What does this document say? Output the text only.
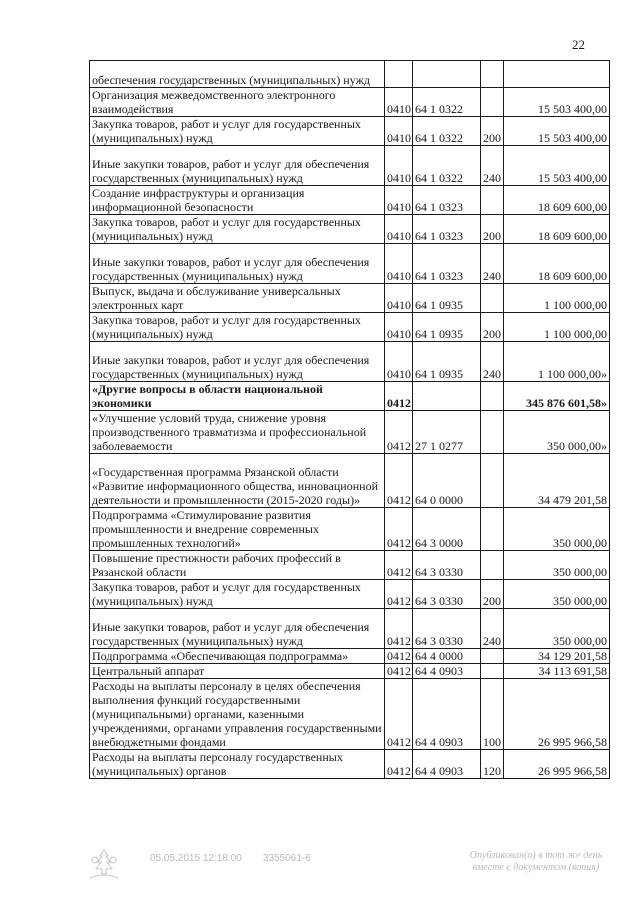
22
обеспечения государственных (муниципальных) нужд				
Организация межведомственного электронного взаимодействия	0410	64 1 0322		15 503 400,00
Закупка товаров, работ и услуг для государственных (муниципальных) нужд	0410	64 1 0322	200	15 503 400,00
Иные закупки товаров, работ и услуг для обеспечения государственных (муниципальных) нужд	0410	64 1 0322	240	15 503 400,00
Создание инфраструктуры и организация информационной безопасности	0410	64 1 0323		18 609 600,00
Закупка товаров, работ и услуг для государственных (муниципальных) нужд	0410	64 1 0323	200	18 609 600,00
Иные закупки товаров, работ и услуг для обеспечения государственных (муниципальных) нужд	0410	64 1 0323	240	18 609 600,00
Выпуск, выдача и обслуживание универсальных электронных карт	0410	64 1 0935		1 100 000,00
Закупка товаров, работ и услуг для государственных (муниципальных) нужд	0410	64 1 0935	200	1 100 000,00
Иные закупки товаров, работ и услуг для обеспечения государственных (муниципальных) нужд	0410	64 1 0935	240	1 100 000,00»
«Другие вопросы в области национальной экономики	0412			345 876 601,58»
«Улучшение условий труда, снижение уровня производственного травматизма и профессиональной заболеваемости	0412	27 1 0277		350 000,00»
«Государственная программа Рязанской области «Развитие информационного общества, инновационной деятельности и промышленности (2015-2020 годы)»	0412	64 0 0000		34 479 201,58
Подпрограмма «Стимулирование развития промышленности и внедрение современных промышленных технологий»	0412	64 3 0000		350 000,00
Повышение престижности рабочих профессий в Рязанской области	0412	64 3 0330		350 000,00
Закупка товаров, работ и услуг для государственных (муниципальных) нужд	0412	64 3 0330	200	350 000,00
Иные закупки товаров, работ и услуг для обеспечения государственных (муниципальных) нужд	0412	64 3 0330	240	350 000,00
Подпрограмма «Обеспечивающая подпрограмма»	0412	64 4 0000		34 129 201,58
Центральный аппарат	0412	64 4 0903		34 113 691,58
Расходы на выплаты персоналу в целях обеспечения выполнения функций государственными (муниципальными) органами, казенными учреждениями, органами управления государственными внебюджетными фондами	0412	64 4 0903	100	26 995 966,58
Расходы на выплаты персоналу государственных (муниципальных) органов	0412	64 4 0903	120	26 995 966,58
05.05.2015 12:18:00 3355061-6	Опубликован(о) в тот же день вместе с документом (копия)
